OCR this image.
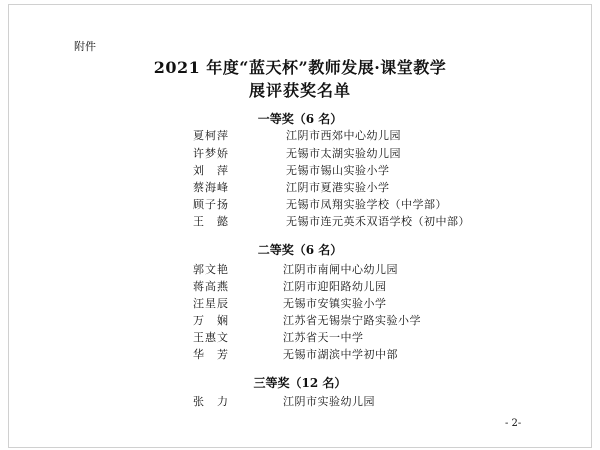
附件
2021 年度“蓝天杯”教师发展·课堂教学
展评获奖名单
一等奖（6 名）
夏柯萍	江阴市西郊中心幼儿园
许梦娇	无锡市太湖实验幼儿园
刘　萍	无锡市锡山实验小学
蔡海峰	江阴市夏港实验小学
顾子扬	无锡市凤翔实验学校（中学部）
王　懿	无锡市连元英禾双语学校（初中部）
二等奖（6 名）
郭文艳	江阴市南闸中心幼儿园
蒋高燕	江阴市迎阳路幼儿园
汪星辰	无锡市安镇实验小学
万　娴	江苏省无锡崇宁路实验小学
王惠文	江苏省天一中学
华　芳	无锡市湖滨中学初中部
三等奖（12 名）
张　力	江阴市实验幼儿园
- 2-
